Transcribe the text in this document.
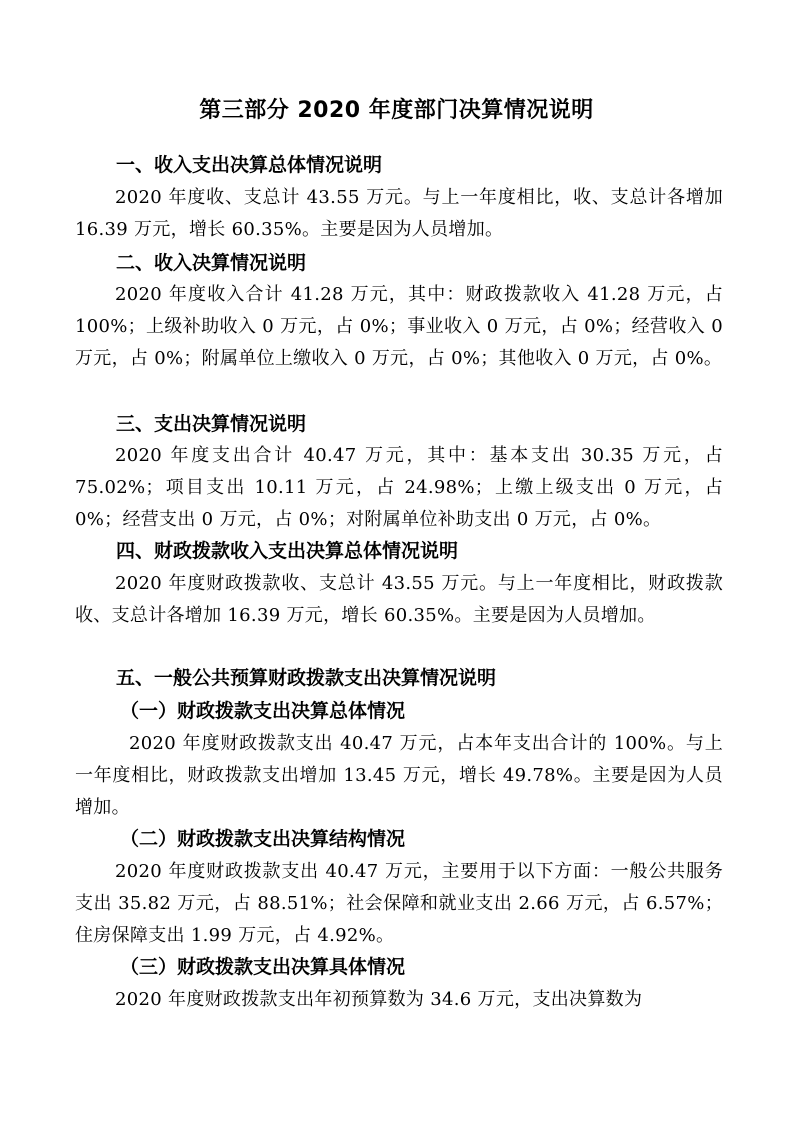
第三部分 2020 年度部门决算情况说明
一、收入支出决算总体情况说明
2020 年度收、支总计 43.55 万元。与上一年度相比，收、支总计各增加 16.39 万元，增长 60.35%。主要是因为人员增加。
二、收入决算情况说明
2020 年度收入合计 41.28 万元，其中：财政拨款收入 41.28 万元，占 100%；上级补助收入 0 万元，占 0%；事业收入 0 万元，占 0%；经营收入 0 万元，占 0%；附属单位上缴收入 0 万元，占 0%；其他收入 0 万元，占 0%。
三、支出决算情况说明
2020 年度支出合计 40.47 万元，其中：基本支出 30.35 万元，占 75.02%；项目支出 10.11 万元，占 24.98%；上缴上级支出 0 万元，占 0%；经营支出 0 万元，占 0%；对附属单位补助支出 0 万元，占 0%。
四、财政拨款收入支出决算总体情况说明
2020 年度财政拨款收、支总计 43.55 万元。与上一年度相比，财政拨款收、支总计各增加 16.39 万元，增长 60.35%。主要是因为人员增加。
五、一般公共预算财政拨款支出决算情况说明
（一）财政拨款支出决算总体情况
2020 年度财政拨款支出 40.47 万元，占本年支出合计的 100%。与上一年度相比，财政拨款支出增加 13.45 万元，增长 49.78%。主要是因为人员增加。
（二）财政拨款支出决算结构情况
2020 年度财政拨款支出 40.47 万元，主要用于以下方面：一般公共服务支出 35.82 万元，占 88.51%；社会保障和就业支出 2.66 万元，占 6.57%；住房保障支出 1.99 万元，占 4.92%。
（三）财政拨款支出决算具体情况
2020 年度财政拨款支出年初预算数为 34.6 万元，支出决算数为
